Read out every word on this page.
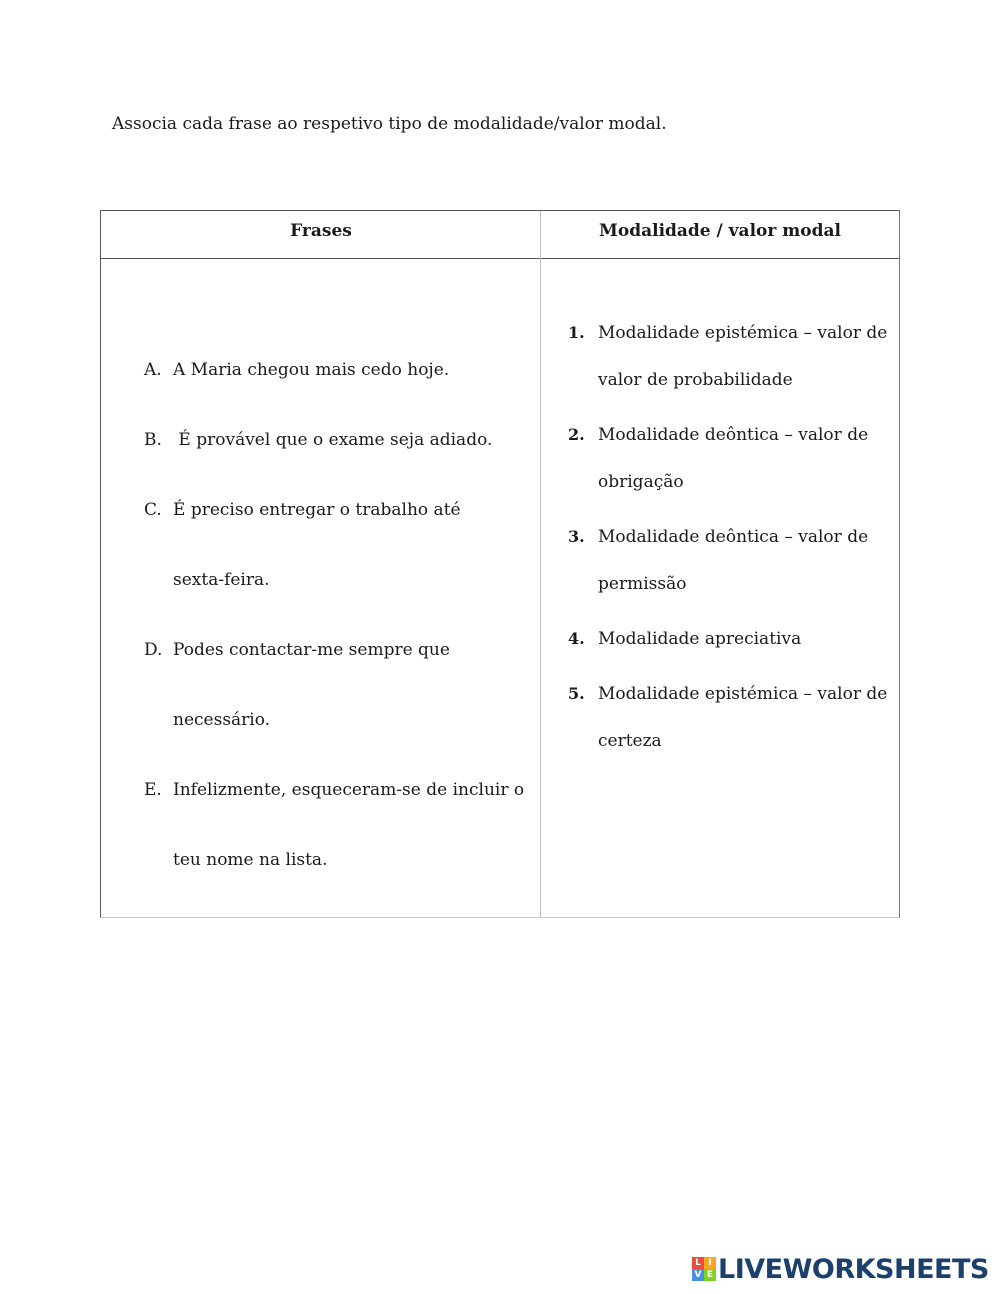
Associa cada frase ao respetivo tipo de modalidade/valor modal.
Frases	Modalidade / valor modal
A. A Maria chegou mais cedo hoje.
B. É provável que o exame seja adiado.
C. É preciso entregar o trabalho até
sexta-feira.
D. Podes contactar-me sempre que
necessário.
E. Infelizmente, esqueceram-se de incluir o
teu nome na lista.
1. Modalidade epistémica – valor de
valor de probabilidade
2. Modalidade deôntica – valor de
obrigação
3. Modalidade deôntica – valor de
permissão
4. Modalidade apreciativa
5. Modalidade epistémica – valor de
certeza
L I
V E LIVEWORKSHEETS
